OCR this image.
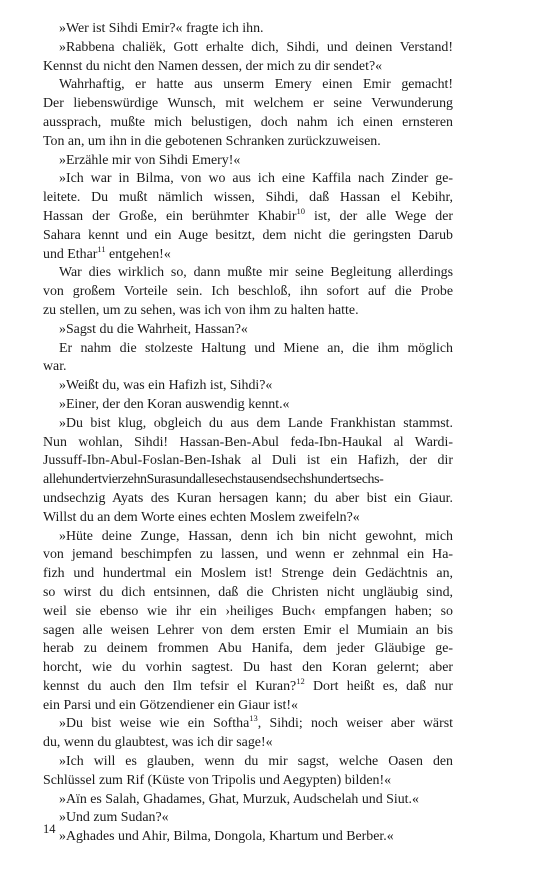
»Wer ist Sihdi Emir?« fragte ich ihn.

»Rabbena chaliëk, Gott erhalte dich, Sihdi, und deinen Verstand!
Kennst du nicht den Namen dessen, der mich zu dir sendet?«

Wahrhaftig, er hatte aus unserm Emery einen Emir gemacht!
Der liebenswürdige Wunsch, mit welchem er seine Verwunderung
aussprach, mußte mich belustigen, doch nahm ich einen ernsteren
Ton an, um ihn in die gebotenen Schranken zurückzuweisen.

»Erzähle mir von Sihdi Emery!«

»Ich war in Bilma, von wo aus ich eine Kaffila nach Zinder ge-
leitete. Du mußt nämlich wissen, Sihdi, daß Hassan el Kebihr,
Hassan der Große, ein berühmter Khabir$^{10}$ ist, der alle Wege der
Sahara kennt und ein Auge besitzt, dem nicht die geringsten Darub
und Ethar$^{11}$ entgehen!«

War dies wirklich so, dann mußte mir seine Begleitung allerdings
von großem Vorteile sein. Ich beschloß, ihn sofort auf die Probe
zu stellen, um zu sehen, was ich von ihm zu halten hatte.

»Sagst du die Wahrheit, Hassan?«

Er nahm die stolzeste Haltung und Miene an, die ihm möglich
war.

»Weißt du, was ein Hafizh ist, Sihdi?«

»Einer, der den Koran auswendig kennt.«

»Du bist klug, obgleich du aus dem Lande Frankhistan stammst.
Nun wohlan, Sihdi! Hassan-Ben-Abul feda-Ibn-Haukal al Wardi-
Jussuff-Ibn-Abul-Foslan-Ben-Ishak al Duli ist ein Hafizh, der dir
allehundertvierzehnSurasundallesechstausendsechshundertsechs-
undsechzig Ayats des Kuran hersagen kann; du aber bist ein Giaur.
Willst du an dem Worte eines echten Moslem zweifeln?«

»Hüte deine Zunge, Hassan, denn ich bin nicht gewohnt, mich
von jemand beschimpfen zu lassen, und wenn er zehnmal ein Ha-
fizh und hundertmal ein Moslem ist! Strenge dein Gedächtnis an,
so wirst du dich entsinnen, daß die Christen nicht ungläubig sind,
weil sie ebenso wie ihr ein ›heiliges Buch‹ empfangen haben; so
sagen alle weisen Lehrer von dem ersten Emir el Mumiain an bis
herab zu deinem frommen Abu Hanifa, dem jeder Gläubige ge-
horcht, wie du vorhin sagtest. Du hast den Koran gelernt; aber
kennst du auch den Ilm tefsir el Kuran?$^{12}$ Dort heißt es, daß nur
ein Parsi und ein Götzendiener ein Giaur ist!«

»Du bist weise wie ein Softha$^{13}$, Sihdi; noch weiser aber wärst
du, wenn du glaubtest, was ich dir sage!«

»Ich will es glauben, wenn du mir sagst, welche Oasen den
Schlüssel zum Rif (Küste von Tripolis und Aegypten) bilden!«

»Aïn es Salah, Ghadames, Ghat, Murzuk, Audschelah und Siut.«

»Und zum Sudan?«

»Aghades und Ahir, Bilma, Dongola, Khartum und Berber.«

14
